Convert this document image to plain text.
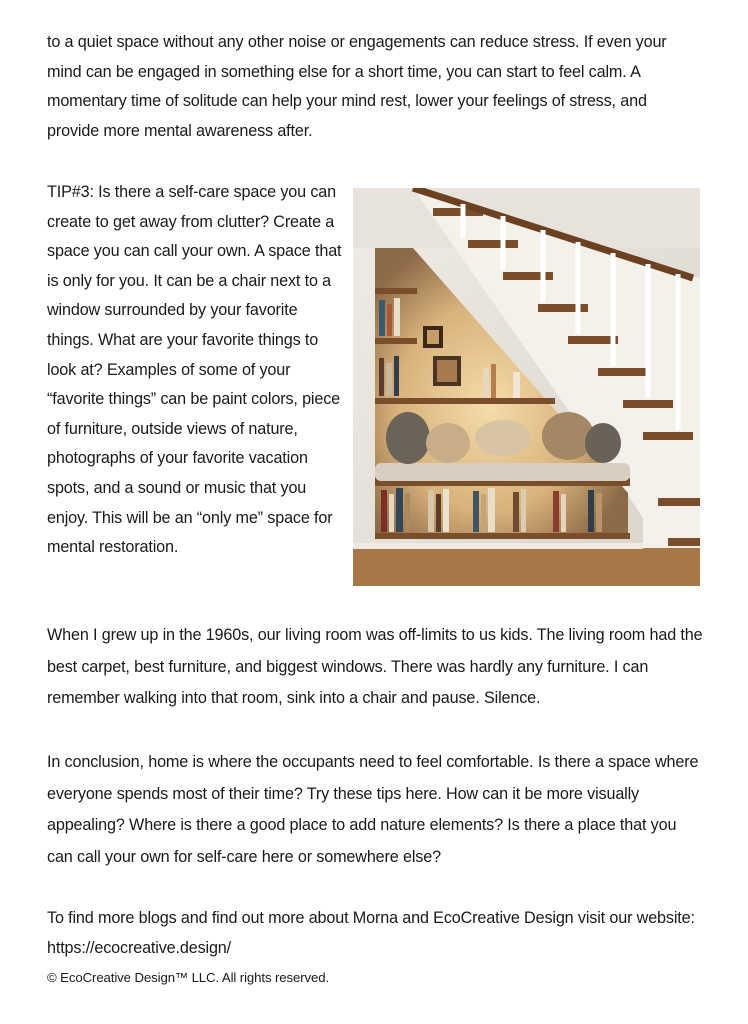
to a quiet space without any other noise or engagements can reduce stress. If even your mind can be engaged in something else for a short time, you can start to feel calm. A momentary time of solitude can help your mind rest, lower your feelings of stress, and provide more mental awareness after.

TIP#3: Is there a self-care space you can create to get away from clutter? Create a space you can call your own. A space that is only for you. It can be a chair next to a window surrounded by your favorite things. What are your favorite things to look at? Examples of some of your “favorite things” can be paint colors, piece of furniture, outside views of nature, photographs of your favorite vacation spots, and a sound or music that you enjoy. This will be an “only me” space for mental restoration.

When I grew up in the 1960s, our living room was off-limits to us kids. The living room had the best carpet, best furniture, and biggest windows. There was hardly any furniture. I can remember walking into that room, sink into a chair and pause. Silence.

In conclusion, home is where the occupants need to feel comfortable. Is there a space where everyone spends most of their time? Try these tips here. How can it be more visually appealing? Where is there a good place to add nature elements? Is there a place that you can call your own for self-care here or somewhere else?

To find more blogs and find out more about Morna and EcoCreative Design visit our website: https://ecocreative.design/

© EcoCreative Design™ LLC. All rights reserved.
